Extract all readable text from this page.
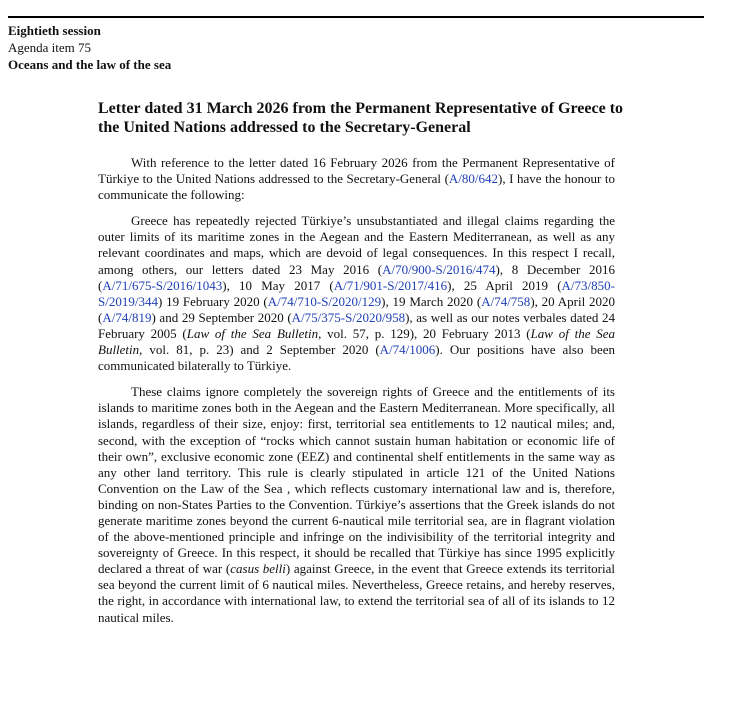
Eightieth session
Agenda item 75
Oceans and the law of the sea
Letter dated 31 March 2026 from the Permanent Representative of Greece to the United Nations addressed to the Secretary-General

With reference to the letter dated 16 February 2026 from the Permanent Representative of Türkiye to the United Nations addressed to the Secretary-General (A/80/642), I have the honour to communicate the following:

Greece has repeatedly rejected Türkiye’s unsubstantiated and illegal claims regarding the outer limits of its maritime zones in the Aegean and the Eastern Mediterranean, as well as any relevant coordinates and maps, which are devoid of legal consequences. In this respect I recall, among others, our letters dated 23 May 2016 (A/70/900-S/2016/474), 8 December 2016 (A/71/675-S/2016/1043), 10 May 2017 (A/71/901-S/2017/416), 25 April 2019 (A/73/850-S/2019/344) 19 February 2020 (A/74/710-S/2020/129), 19 March 2020 (A/74/758), 20 April 2020 (A/74/819) and 29 September 2020 (A/75/375-S/2020/958), as well as our notes verbales dated 24 February 2005 (Law of the Sea Bulletin, vol. 57, p. 129), 20 February 2013 (Law of the Sea Bulletin, vol. 81, p. 23) and 2 September 2020 (A/74/1006). Our positions have also been communicated bilaterally to Türkiye.

These claims ignore completely the sovereign rights of Greece and the entitlements of its islands to maritime zones both in the Aegean and the Eastern Mediterranean. More specifically, all islands, regardless of their size, enjoy: first, territorial sea entitlements to 12 nautical miles; and, second, with the exception of “rocks which cannot sustain human habitation or economic life of their own”, exclusive economic zone (EEZ) and continental shelf entitlements in the same way as any other land territory. This rule is clearly stipulated in article 121 of the United Nations Convention on the Law of the Sea , which reflects customary international law and is, therefore, binding on non-States Parties to the Convention. Türkiye’s assertions that the Greek islands do not generate maritime zones beyond the current 6-nautical mile territorial sea, are in flagrant violation of the above-mentioned principle and infringe on the indivisibility of the territorial integrity and sovereignty of Greece. In this respect, it should be recalled that Türkiye has since 1995 explicitly declared a threat of war (casus belli) against Greece, in the event that Greece extends its territorial sea beyond the current limit of 6 nautical miles. Nevertheless, Greece retains, and hereby reserves, the right, in accordance with international law, to extend the territorial sea of all of its islands to 12 nautical miles.
